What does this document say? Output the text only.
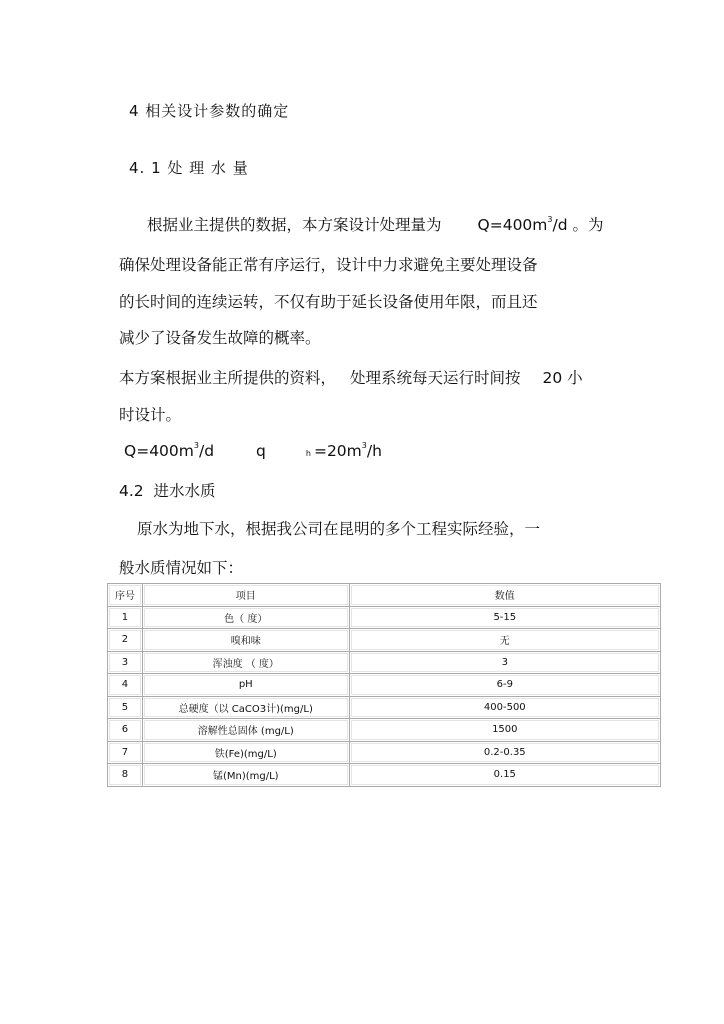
4 相关设计参数的确定
4. 1 处 理 水 量
根据业主提供的数据，本方案设计处理量为 $Q=400m^3/d$ 。为
确保处理设备能正常有序运行，设计中力求避免主要处理设备
的长时间的连续运转，不仅有助于延长设备使用年限，而且还
减少了设备发生故障的概率。
本方案根据业主所提供的资料， 处理系统每天运行时间按 20 小
时设计。
$Q=400m^3/d$	q	$h =20m^3/h$
4.2  进水水质
原水为地下水，根据我公司在昆明的多个工程实际经验，一
般水质情况如下：
序号	项目	数值
1	色（ 度）	5-15
2	嗅和味	无
3	浑浊度 （ 度）	3
4	pH	6-9
5	总硬度（以 CaCO3计)(mg/L)	400-500
6	溶解性总固体 (mg/L)	1500
7	铁(Fe)(mg/L)	0.2-0.35
8	锰(Mn)(mg/L)	0.15
